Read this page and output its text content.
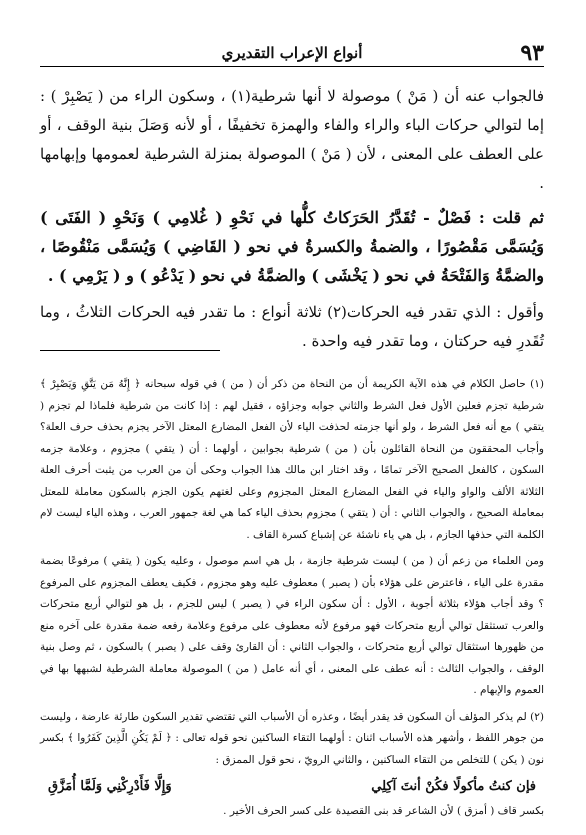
٩٣
أنواع الإعراب التقديري

فالجواب عنه أن ( مَنْ ) موصولة لا أنها شرطية(١) ، وسكون الراء من ( يَصْبِرْ ) : إما لتوالي حركات الباء والراء والفاء والهمزة تخفيفًا ، أو لأنه وَصَلَ بنية الوقف ، أو على العطف على المعنى ، لأن ( مَنْ ) الموصولة بمنزلة الشرطية لعمومها وإبهامها .

ثم قلت : فَصْلٌ - تُقَدَّرُ الحَرَكاتُ كلُّها في نَحْوِ ( غُلامِي ) وَنَحْوِ ( الفَتَى ) وَيُسَمَّى مَقْصُورًا ، والضمةُ والكسرةُ في نحو ( القَاضِي ) وَيُسَمَّى مَنْقُوصًا ، والضمَّةُ وَالفَتْحَةُ في نحو ( يَخْشَى ) والضمَّةُ في نحو ( يَدْعُو ) و ( يَرْمِي ) .

وأقول : الذي تقدر فيه الحركات(٢) ثلاثة أنواع : ما تقدر فيه الحركات الثلاثُ ، وما تُقَدرِ فيه حركتان ، وما تقدر فيه واحدة .

(١) حاصل الكلام في هذه الآية الكريمة أن من النحاة من ذكر أن ( من ) في قوله سبحانه ﴿ إِنَّهُ مَن يَتَّقِ وَيَصْبِرْ ﴾ شرطية تجزم فعلين الأول فعل الشرط والثاني جوابه وجزاؤه ، فقيل لهم : إذا كانت من شرطية فلماذا لم تجزم ( يتقي ) مع أنه فعل الشرط ، ولو أنها جزمته لحذفت الياء لأن الفعل المضارع المعتل الآخر يجزم بحذف حرف العلة؟ وأجاب المحققون من النحاة القائلون بأن ( من ) شرطية بجوابين ، أولهما : أن ( يتقي ) مجزوم ، وعلامة جزمه السكون ، كالفعل الصحيح الآخر تمامًا ، وقد اختار ابن مالك هذا الجواب وحكى أن من العرب من يثبت أحرف العلة الثلاثة الألف والواو والياء في الفعل المضارع المعتل المجزوم وعلى لغتهم يكون الجزم بالسكون معاملة للمعتل بمعاملة الصحيح ، والجواب الثاني : أن ( يتقي ) مجزوم بحذف الياء كما هي لغة جمهور العرب ، وهذه الياء ليست لام الكلمة التي حذفها الجازم ، بل هي ياء ناشئة عن إشباع كسرة القاف .

ومن العلماء من زعم أن ( من ) ليست شرطية جازمة ، بل هي اسم موصول ، وعليه يكون ( يتقي ) مرفوعًا بضمة مقدرة على الياء ، فاعترض على هؤلاء بأن ( يصبر ) معطوف عليه وهو مجزوم ، فكيف يعطف المجزوم على المرفوع ؟ وقد أجاب هؤلاء بثلاثة أجوبة ، الأول : أن سكون الراء في ( يصبر ) ليس للجزم ، بل هو لتوالي أربع متحركات والعرب تستثقل توالي أربع متحركات فهو مرفوع لأنه معطوف على مرفوع وعلامة رفعه ضمة مقدرة على آخره منع من ظهورها استثقال توالي أربع متحركات ، والجواب الثاني : أن القارئ وقف على ( يصبر ) بالسكون ، ثم وصل بنية الوقف ، والجواب الثالث : أنه عطف على المعنى ، أي أنه عامل ( من ) الموصولة معاملة الشرطية لشبهها بها في العموم والإبهام .

(٢) لم يذكر المؤلف أن السكون قد يقدر أيضًا ، وعذره أن الأسباب التي تقتضي تقدير السكون طارئة عارضة ، وليست من جوهر اللفظ ، وأشهر هذه الأسباب اثنان : أولهما التقاء الساكنين نحو قوله تعالى : ﴿ لَمْ يَكُنِ الَّذِينَ كَفَرُوا ﴾ بكسر نون ( يكن ) للتخلص من التقاء الساكنين ، والثاني الرويّ ، نحو قول الممزق :

فإن كنتُ مأكولًا فكُنْ أنتَ آكِلِي
وَإِلَّا فَأَدْرِكْنِي وَلَمَّا أُمَزَّقِ

بكسر قاف ( أمزق ) لأن الشاعر قد بنى القصيدة على كسر الحرف الأخير .
